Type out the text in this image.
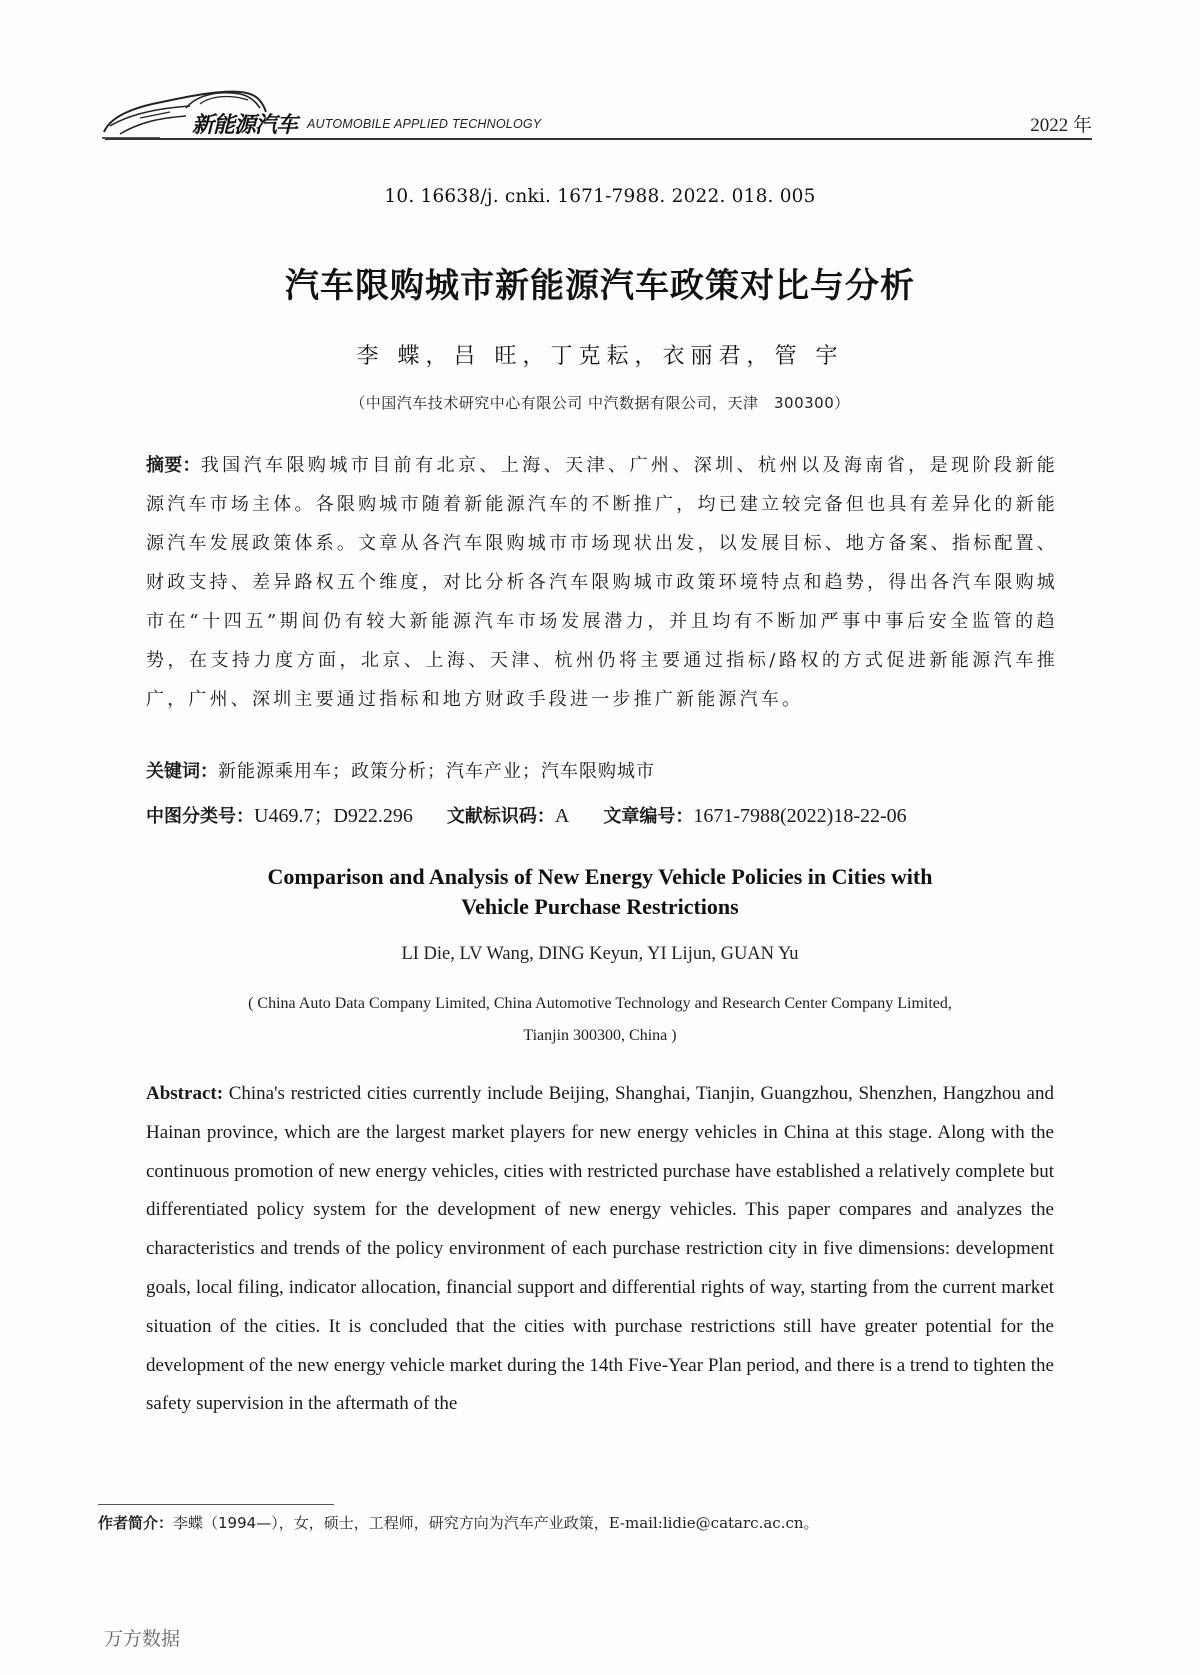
新能源汽车 AUTOMOBILE APPLIED TECHNOLOGY	2022 年
10. 16638/j. cnki. 1671-7988. 2022. 018. 005
汽车限购城市新能源汽车政策对比与分析
李 蝶，吕 旺，丁克耘，衣丽君，管 宇
（中国汽车技术研究中心有限公司 中汽数据有限公司，天津　300300）
摘要：我国汽车限购城市目前有北京、上海、天津、广州、深圳、杭州以及海南省，是现阶段新能源汽车市场主体。各限购城市随着新能源汽车的不断推广，均已建立较完备但也具有差异化的新能源汽车发展政策体系。文章从各汽车限购城市市场现状出发，以发展目标、地方备案、指标配置、财政支持、差异路权五个维度，对比分析各汽车限购城市政策环境特点和趋势，得出各汽车限购城市在“十四五”期间仍有较大新能源汽车市场发展潜力，并且均有不断加严事中事后安全监管的趋势，在支持力度方面，北京、上海、天津、杭州仍将主要通过指标/路权的方式促进新能源汽车推广，广州、深圳主要通过指标和地方财政手段进一步推广新能源汽车。
关键词：新能源乘用车；政策分析；汽车产业；汽车限购城市
中图分类号：U469.7；D922.296 文献标识码：A 文章编号：1671-7988(2022)18-22-06
Comparison and Analysis of New Energy Vehicle Policies in Cities with
Vehicle Purchase Restrictions
LI Die, LV Wang, DING Keyun, YI Lijun, GUAN Yu
( China Auto Data Company Limited, China Automotive Technology and Research Center Company Limited,
Tianjin 300300, China )
Abstract: China's restricted cities currently include Beijing, Shanghai, Tianjin, Guangzhou, Shenzhen, Hangzhou and Hainan province, which are the largest market players for new energy vehicles in China at this stage. Along with the continuous promotion of new energy vehicles, cities with restricted purchase have established a relatively complete but differentiated policy system for the development of new energy vehicles. This paper compares and analyzes the characteristics and trends of the policy environment of each purchase restriction city in five dimensions: development goals, local filing, indicator allocation, financial support and differential rights of way, starting from the current market situation of the cities. It is concluded that the cities with purchase restrictions still have greater potential for the development of the new energy vehicle market during the 14th Five-Year Plan period, and there is a trend to tighten the safety supervision in the aftermath of the
作者简介：李蝶（1994—），女，硕士，工程师，研究方向为汽车产业政策，E-mail:lidie@catarc.ac.cn。
万方数据
